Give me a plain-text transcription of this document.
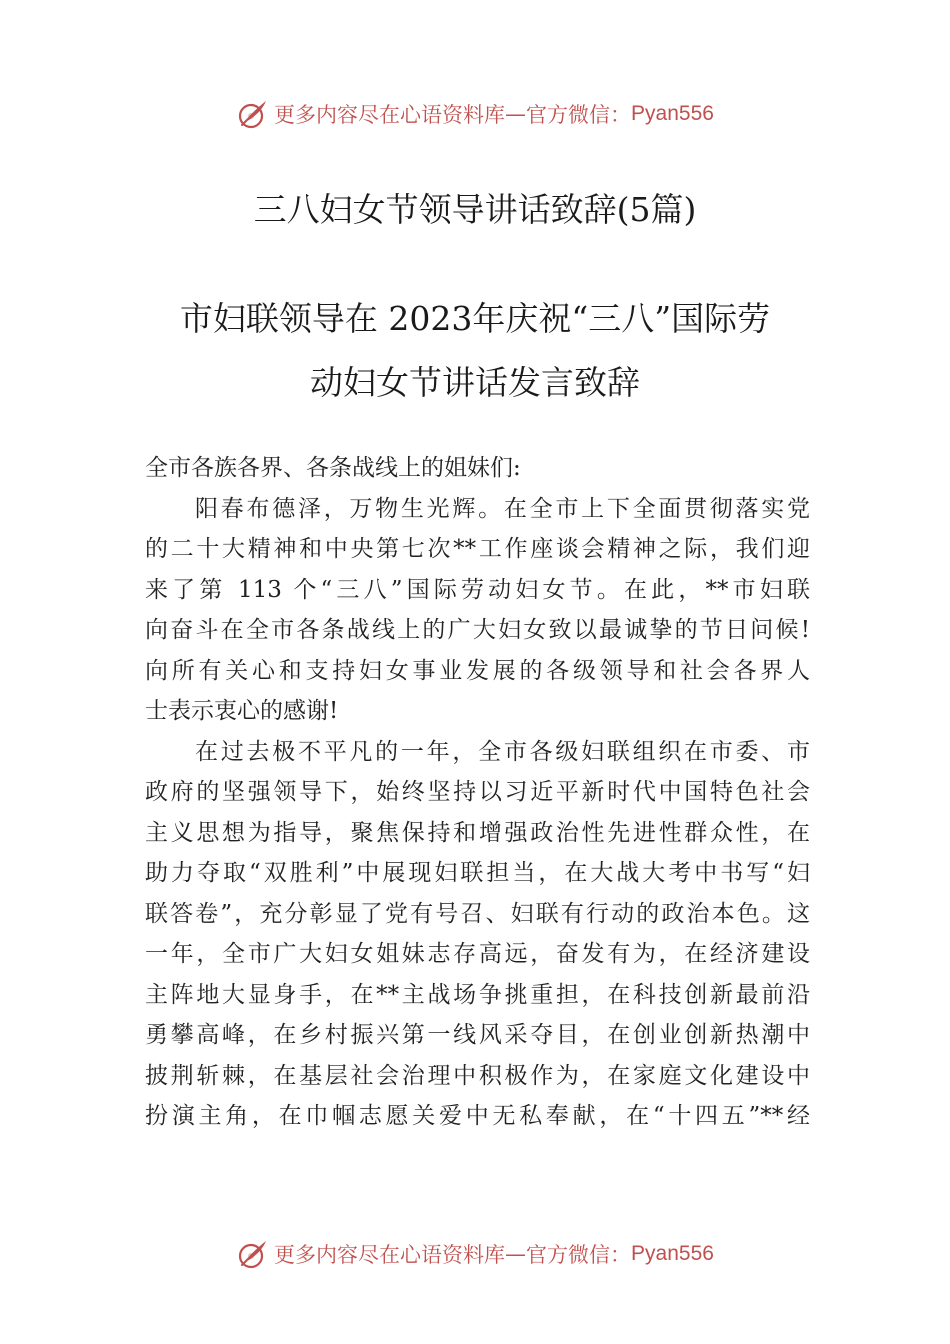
更多内容尽在心语资料库 — 官方微信： Pyan556
三八妇女节领导讲话致辞(5篇)
市妇联领导在 2023年庆祝“三八”国际劳
动妇女节讲话发言致辞
全市各族各界、各条战线上的姐妹们:
阳春布德泽，万物生光辉。在全市上下全面贯彻落实党
的二十大精神和中央第七次**工作座谈会精神之际，我们迎
来了第 113 个“三八”国际劳动妇女节。在此，**市妇联
向奋斗在全市各条战线上的广大妇女致以最诚挚的节日问候!
向所有关心和支持妇女事业发展的各级领导和社会各界人
士表示衷心的感谢!
在过去极不平凡的一年，全市各级妇联组织在市委、市
政府的坚强领导下，始终坚持以习近平新时代中国特色社会
主义思想为指导，聚焦保持和增强政治性先进性群众性，在
助力夺取“双胜利”中展现妇联担当，在大战大考中书写“妇
联答卷”，充分彰显了党有号召、妇联有行动的政治本色。这
一年，全市广大妇女姐妹志存高远，奋发有为，在经济建设
主阵地大显身手，在**主战场争挑重担，在科技创新最前沿
勇攀高峰，在乡村振兴第一线风采夺目，在创业创新热潮中
披荆斩棘，在基层社会治理中积极作为，在家庭文化建设中
扮演主角，在巾帼志愿关爱中无私奉献，在“十四五”**经
更多内容尽在心语资料库 — 官方微信： Pyan556
